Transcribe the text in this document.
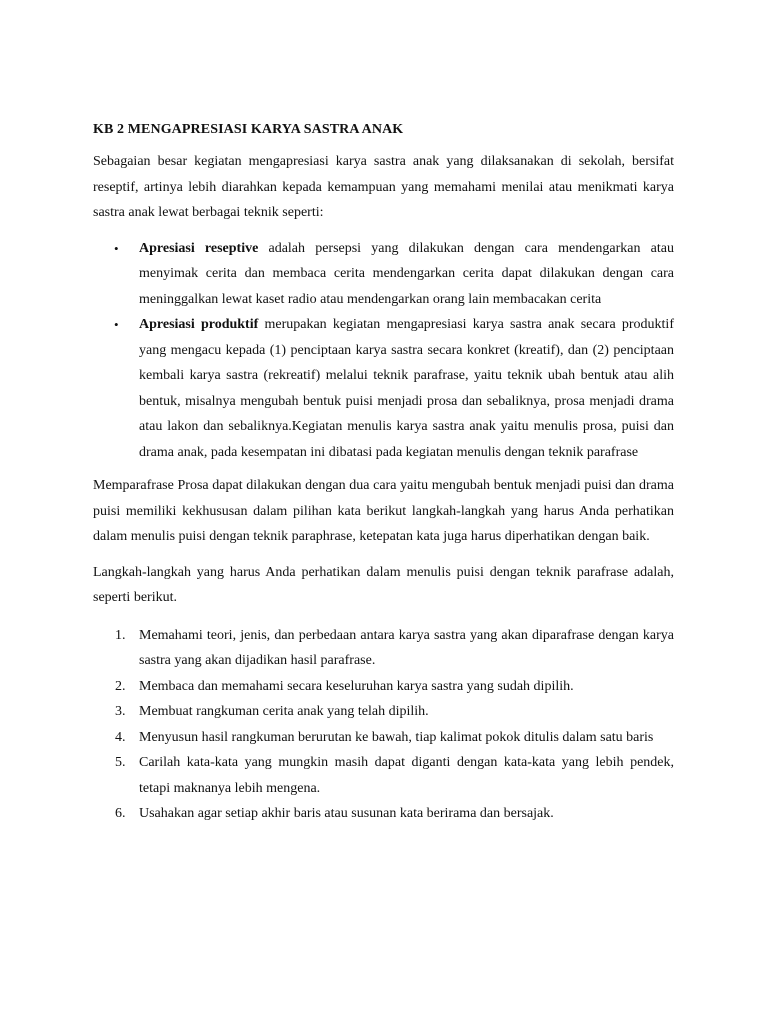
KB 2 MENGAPRESIASI KARYA SASTRA ANAK

Sebagaian besar kegiatan mengapresiasi karya sastra anak yang dilaksanakan di sekolah, bersifat reseptif, artinya lebih diarahkan kepada kemampuan yang memahami menilai atau menikmati karya sastra anak lewat berbagai teknik seperti:

• Apresiasi reseptive adalah persepsi yang dilakukan dengan cara mendengarkan atau menyimak cerita dan membaca cerita mendengarkan cerita dapat dilakukan dengan cara meninggalkan lewat kaset radio atau mendengarkan orang lain membacakan cerita
• Apresiasi produktif merupakan kegiatan mengapresiasi karya sastra anak secara produktif yang mengacu kepada (1) penciptaan karya sastra secara konkret (kreatif), dan (2) penciptaan kembali karya sastra (rekreatif) melalui teknik parafrase, yaitu teknik ubah bentuk atau alih bentuk, misalnya mengubah bentuk puisi menjadi prosa dan sebaliknya, prosa menjadi drama atau lakon dan sebaliknya.Kegiatan menulis karya sastra anak yaitu menulis prosa, puisi dan drama anak, pada kesempatan ini dibatasi pada kegiatan menulis dengan teknik parafrase

Memparafrase Prosa dapat dilakukan dengan dua cara yaitu mengubah bentuk menjadi puisi dan drama puisi memiliki kekhususan dalam pilihan kata berikut langkah-langkah yang harus Anda perhatikan dalam menulis puisi dengan teknik paraphrase, ketepatan kata juga harus diperhatikan dengan baik.

Langkah-langkah yang harus Anda perhatikan dalam menulis puisi dengan teknik parafrase adalah, seperti berikut.

1. Memahami teori, jenis, dan perbedaan antara karya sastra yang akan diparafrase dengan karya sastra yang akan dijadikan hasil parafrase.
2. Membaca dan memahami secara keseluruhan karya sastra yang sudah dipilih.
3. Membuat rangkuman cerita anak yang telah dipilih.
4. Menyusun hasil rangkuman berurutan ke bawah, tiap kalimat pokok ditulis dalam satu baris
5. Carilah kata-kata yang mungkin masih dapat diganti dengan kata-kata yang lebih pendek, tetapi maknanya lebih mengena.
6. Usahakan agar setiap akhir baris atau susunan kata berirama dan bersajak.
